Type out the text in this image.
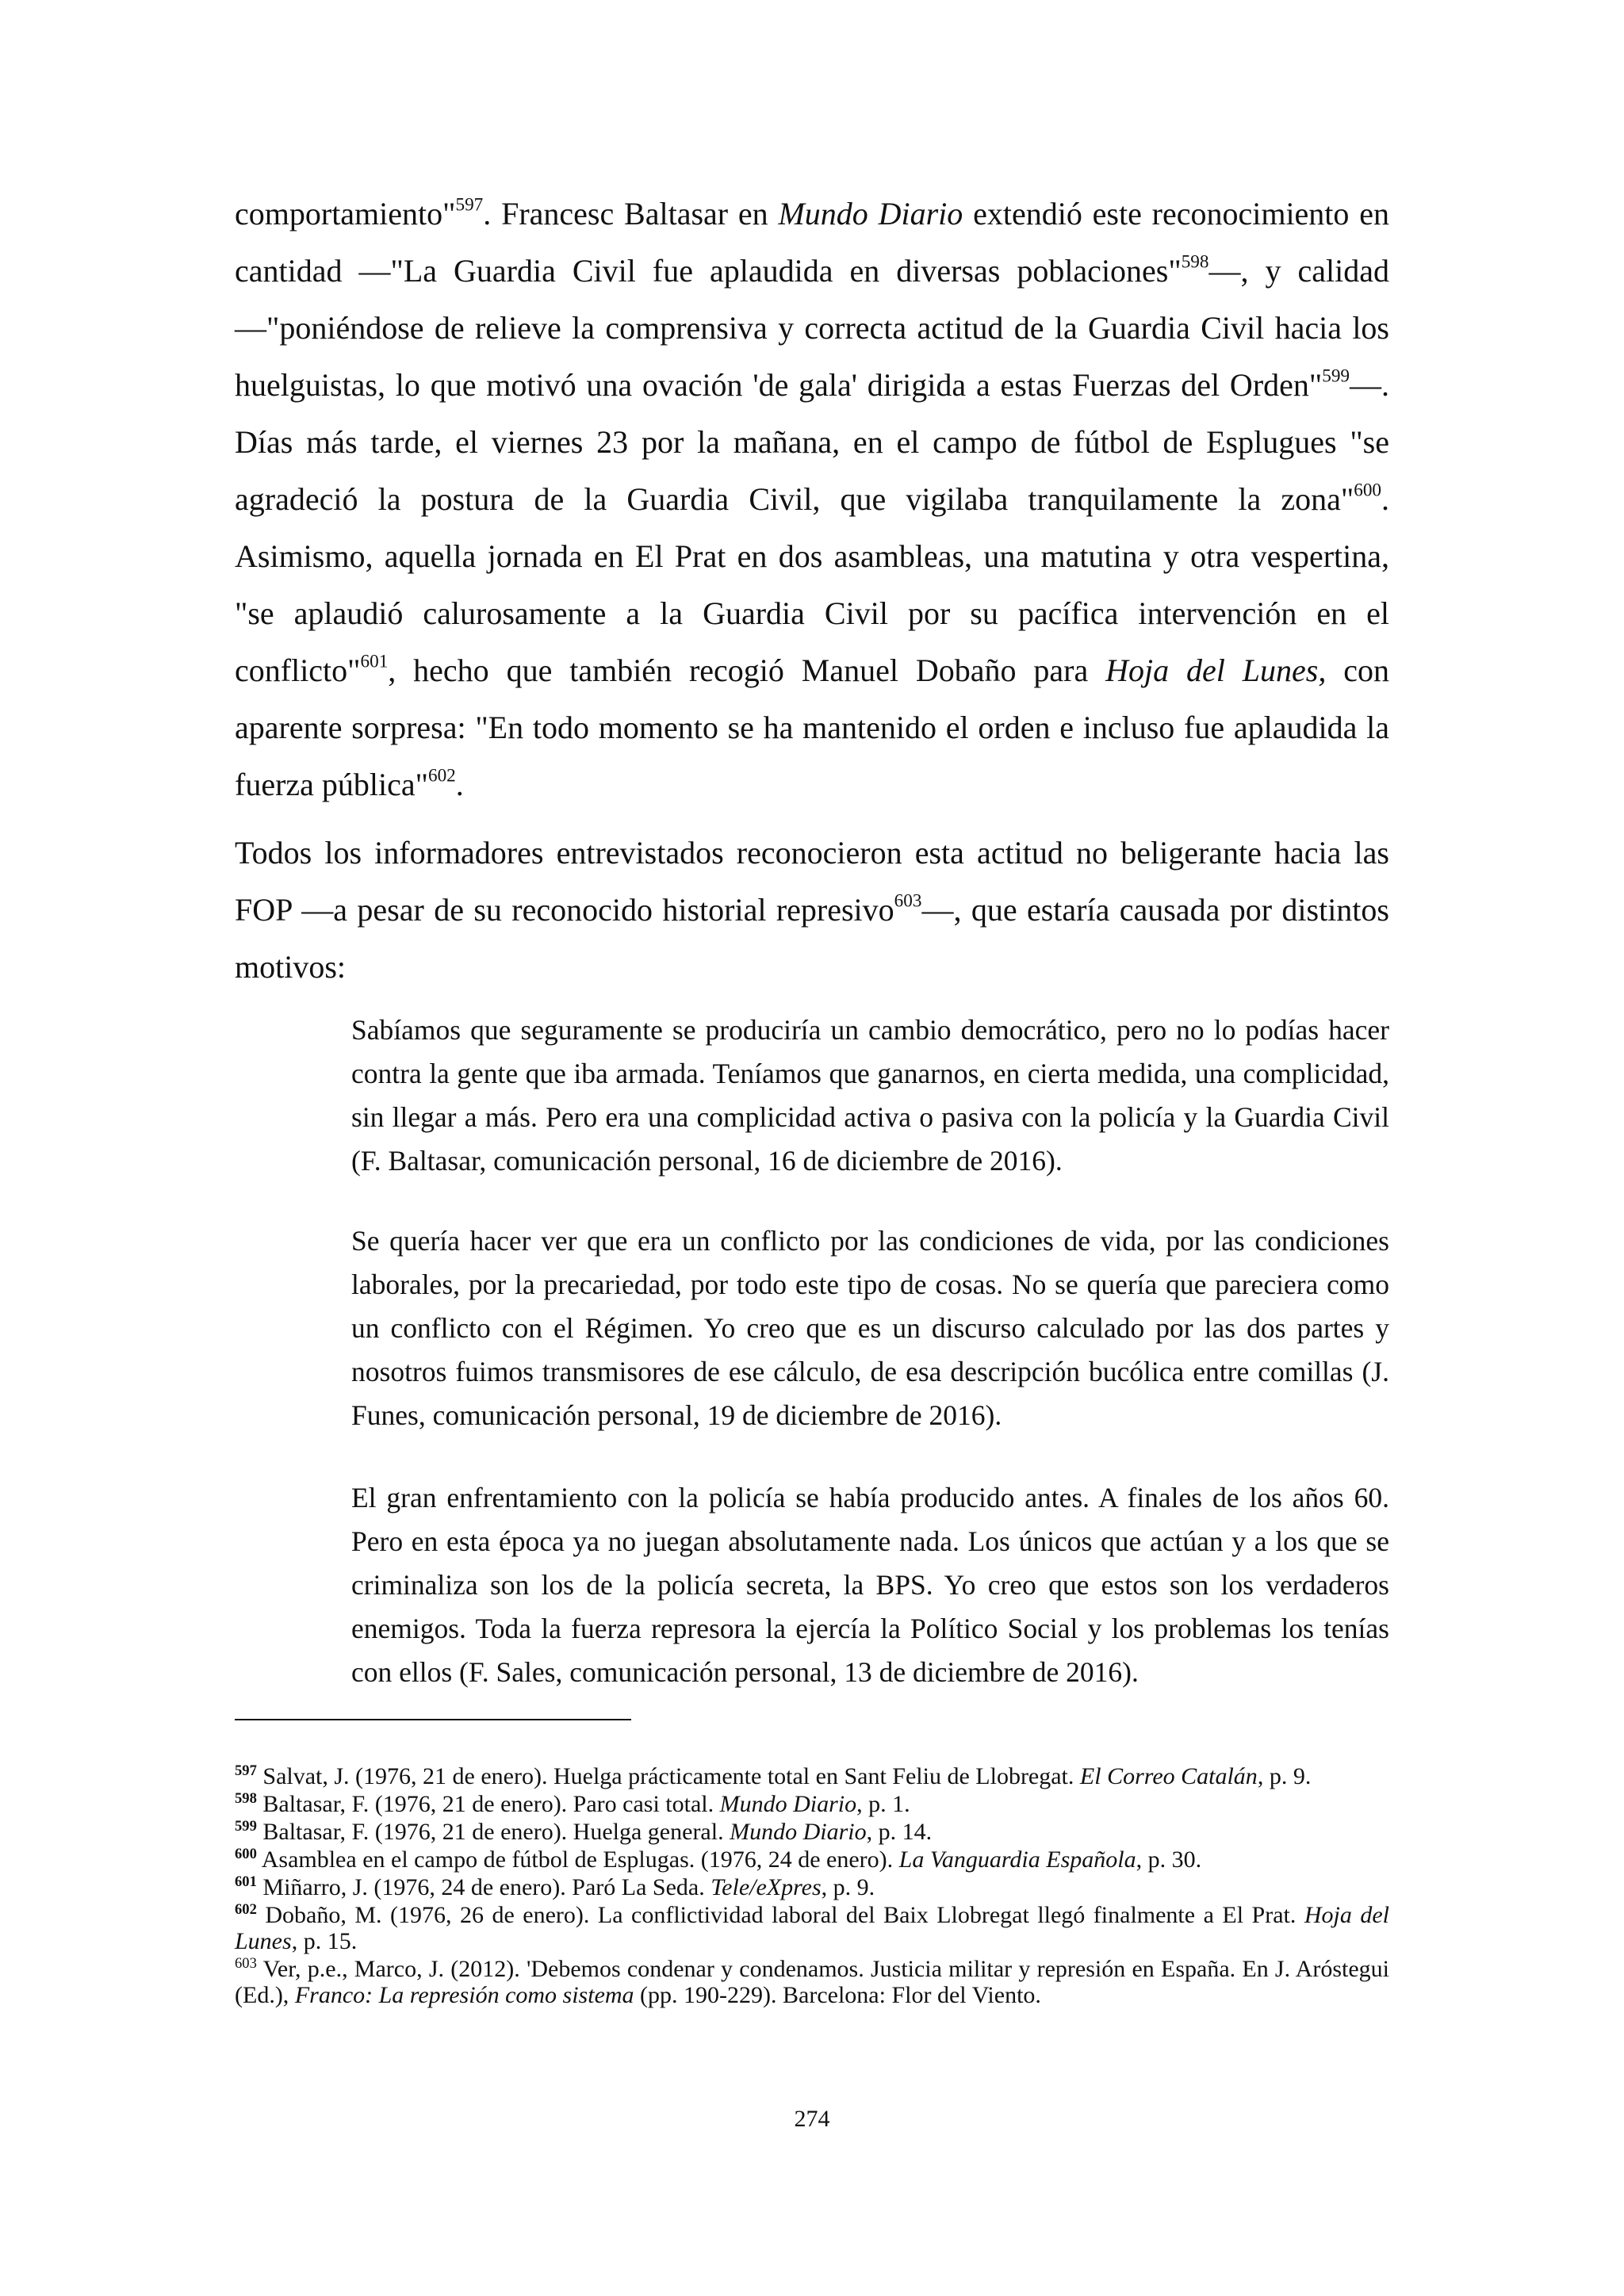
comportamiento"$^{597}$. Francesc Baltasar en Mundo Diario extendió este reconocimiento en cantidad —"La Guardia Civil fue aplaudida en diversas poblaciones"$^{598}$—, y calidad —"poniéndose de relieve la comprensiva y correcta actitud de la Guardia Civil hacia los huelguistas, lo que motivó una ovación 'de gala' dirigida a estas Fuerzas del Orden"$^{599}$—. Días más tarde, el viernes 23 por la mañana, en el campo de fútbol de Esplugues "se agradeció la postura de la Guardia Civil, que vigilaba tranquilamente la zona"$^{600}$. Asimismo, aquella jornada en El Prat en dos asambleas, una matutina y otra vespertina, "se aplaudió calurosamente a la Guardia Civil por su pacífica intervención en el conflicto"$^{601}$, hecho que también recogió Manuel Dobaño para Hoja del Lunes, con aparente sorpresa: "En todo momento se ha mantenido el orden e incluso fue aplaudida la fuerza pública"$^{602}$.

Todos los informadores entrevistados reconocieron esta actitud no beligerante hacia las FOP —a pesar de su reconocido historial represivo$^{603}$—, que estaría causada por distintos motivos:

Sabíamos que seguramente se produciría un cambio democrático, pero no lo podías hacer contra la gente que iba armada. Teníamos que ganarnos, en cierta medida, una complicidad, sin llegar a más. Pero era una complicidad activa o pasiva con la policía y la Guardia Civil (F. Baltasar, comunicación personal, 16 de diciembre de 2016).

Se quería hacer ver que era un conflicto por las condiciones de vida, por las condiciones laborales, por la precariedad, por todo este tipo de cosas. No se quería que pareciera como un conflicto con el Régimen. Yo creo que es un discurso calculado por las dos partes y nosotros fuimos transmisores de ese cálculo, de esa descripción bucólica entre comillas (J. Funes, comunicación personal, 19 de diciembre de 2016).

El gran enfrentamiento con la policía se había producido antes. A finales de los años 60. Pero en esta época ya no juegan absolutamente nada. Los únicos que actúan y a los que se criminaliza son los de la policía secreta, la BPS. Yo creo que estos son los verdaderos enemigos. Toda la fuerza represora la ejercía la Político Social y los problemas los tenías con ellos (F. Sales, comunicación personal, 13 de diciembre de 2016).

$^{597}$ Salvat, J. (1976, 21 de enero). Huelga prácticamente total en Sant Feliu de Llobregat. El Correo Catalán, p. 9.

$^{598}$ Baltasar, F. (1976, 21 de enero). Paro casi total. Mundo Diario, p. 1.

$^{599}$ Baltasar, F. (1976, 21 de enero). Huelga general. Mundo Diario, p. 14.

$^{600}$ Asamblea en el campo de fútbol de Esplugas. (1976, 24 de enero). La Vanguardia Española, p. 30.

$^{601}$ Miñarro, J. (1976, 24 de enero). Paró La Seda. Tele/eXpres, p. 9.

$^{602}$ Dobaño, M. (1976, 26 de enero). La conflictividad laboral del Baix Llobregat llegó finalmente a El Prat. Hoja del Lunes, p. 15.

$^{603}$ Ver, p.e., Marco, J. (2012). 'Debemos condenar y condenamos. Justicia militar y represión en España. En J. Aróstegui (Ed.), Franco: La represión como sistema (pp. 190-229). Barcelona: Flor del Viento.

274
